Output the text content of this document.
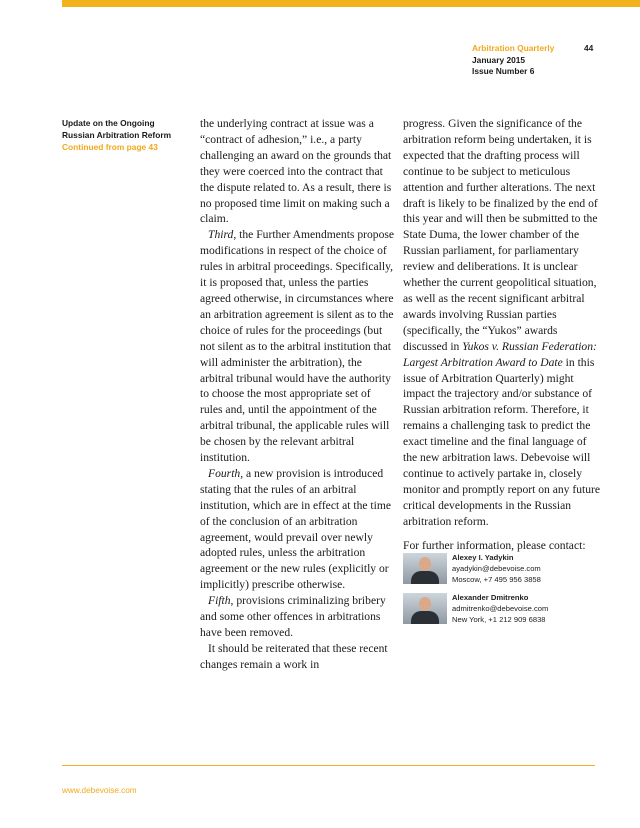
Arbitration Quarterly
January 2015
Issue Number 6
44
Update on the Ongoing
Russian Arbitration Reform
Continued from page 43

the underlying contract at issue was a “contract of adhesion,” i.e., a party challenging an award on the grounds that they were coerced into the contract that the dispute related to. As a result, there is no proposed time limit on making such a claim.

Third, the Further Amendments propose modifications in respect of the choice of rules in arbitral proceedings. Specifically, it is proposed that, unless the parties agreed otherwise, in circumstances where an arbitration agreement is silent as to the choice of rules for the proceedings (but not silent as to the arbitral institution that will administer the arbitration), the arbitral tribunal would have the authority to choose the most appropriate set of rules and, until the appointment of the arbitral tribunal, the applicable rules will be chosen by the relevant arbitral institution.

Fourth, a new provision is introduced stating that the rules of an arbitral institution, which are in effect at the time of the conclusion of an arbitration agreement, would prevail over newly adopted rules, unless the arbitration agreement or the new rules (explicitly or implicitly) prescribe otherwise.

Fifth, provisions criminalizing bribery and some other offences in arbitrations have been removed.

It should be reiterated that these recent changes remain a work in

progress. Given the significance of the arbitration reform being undertaken, it is expected that the drafting process will continue to be subject to meticulous attention and further alterations. The next draft is likely to be finalized by the end of this year and will then be submitted to the State Duma, the lower chamber of the Russian parliament, for parliamentary review and deliberations. It is unclear whether the current geopolitical situation, as well as the recent significant arbitral awards involving Russian parties (specifically, the “Yukos” awards discussed in Yukos v. Russian Federation: Largest Arbitration Award to Date in this issue of Arbitration Quarterly) might impact the trajectory and/or substance of Russian arbitration reform. Therefore, it remains a challenging task to predict the exact timeline and the final language of the new arbitration laws. Debevoise will continue to actively partake in, closely monitor and promptly report on any future critical developments in the Russian arbitration reform.

For further information, please contact:

Alexey I. Yadykin
ayadykin@debevoise.com
Moscow, +7 495 956 3858
Alexander Dmitrenko
admitrenko@debevoise.com
New York, +1 212 909 6838
www.debevoise.com
